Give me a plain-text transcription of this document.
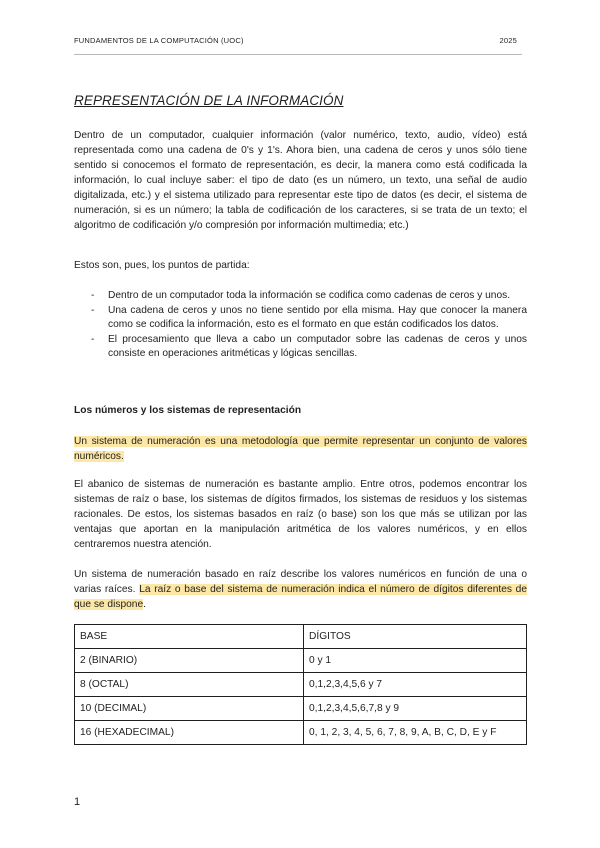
FUNDAMENTOS DE LA COMPUTACIÓN (UOC)	2025
REPRESENTACIÓN DE LA INFORMACIÓN

Dentro de un computador, cualquier información (valor numérico, texto, audio, vídeo) está representada como una cadena de 0's y 1's. Ahora bien, una cadena de ceros y unos sólo tiene sentido si conocemos el formato de representación, es decir, la manera como está codificada la información, lo cual incluye saber: el tipo de dato (es un número, un texto, una señal de audio digitalizada, etc.) y el sistema utilizado para representar este tipo de datos (es decir, el sistema de numeración, si es un número; la tabla de codificación de los caracteres, si se trata de un texto; el algoritmo de codificación y/o compresión por información multimedia; etc.)

Estos son, pues, los puntos de partida:

- Dentro de un computador toda la información se codifica como cadenas de ceros y unos.
- Una cadena de ceros y unos no tiene sentido por ella misma. Hay que conocer la manera como se codifica la información, esto es el formato en que están codificados los datos.
- El procesamiento que lleva a cabo un computador sobre las cadenas de ceros y unos consiste en operaciones aritméticas y lógicas sencillas.
Los números y los sistemas de representación

Un sistema de numeración es una metodología que permite representar un conjunto de valores numéricos.

El abanico de sistemas de numeración es bastante amplio. Entre otros, podemos encontrar los sistemas de raíz o base, los sistemas de dígitos firmados, los sistemas de residuos y los sistemas racionales. De estos, los sistemas basados en raíz (o base) son los que más se utilizan por las ventajas que aportan en la manipulación aritmética de los valores numéricos, y en ellos centraremos nuestra atención.

Un sistema de numeración basado en raíz describe los valores numéricos en función de una o varias raíces. La raíz o base del sistema de numeración indica el número de dígitos diferentes de que se dispone.

BASE	DÍGITOS
2 (BINARIO)	0 y 1
8 (OCTAL)	0,1,2,3,4,5,6 y 7
10 (DECIMAL)	0,1,2,3,4,5,6,7,8 y 9
16 (HEXADECIMAL)	0, 1, 2, 3, 4, 5, 6, 7, 8, 9, A, B, C, D, E y F
1
